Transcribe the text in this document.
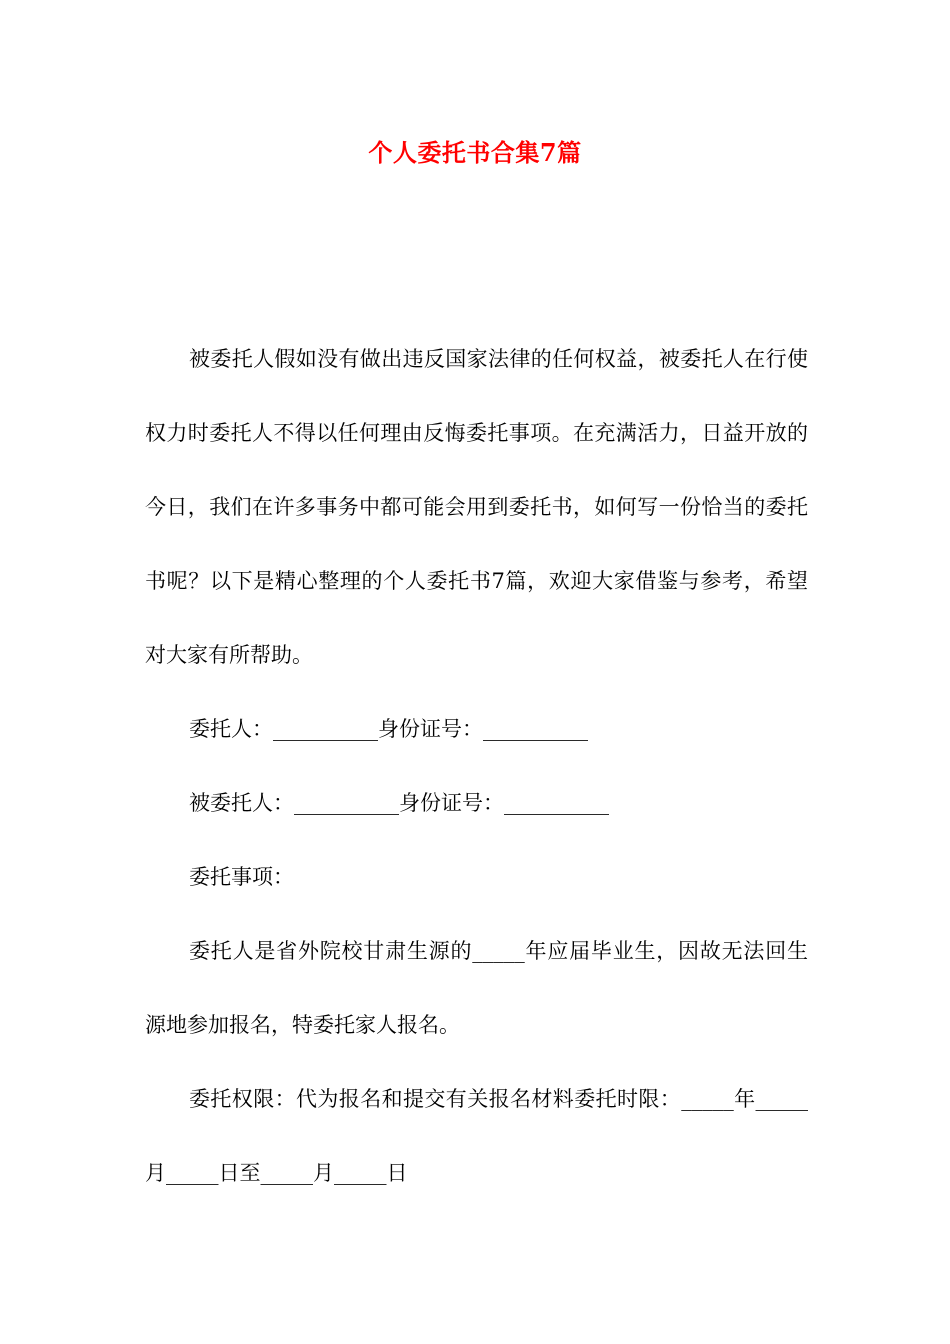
个人委托书合集7篇

被委托人假如没有做出违反国家法律的任何权益，被委托人在行使权力时委托人不得以任何理由反悔委托事项。在充满活力，日益开放的今日，我们在许多事务中都可能会用到委托书，如何写一份恰当的委托书呢？以下是精心整理的个人委托书7篇，欢迎大家借鉴与参考，希望对大家有所帮助。

委托人：__________身份证号：__________

被委托人：__________身份证号：__________

委托事项：

委托人是省外院校甘肃生源的_____年应届毕业生，因故无法回生源地参加报名，特委托家人报名。

委托权限：代为报名和提交有关报名材料委托时限：_____年_____月_____日至_____月_____日
